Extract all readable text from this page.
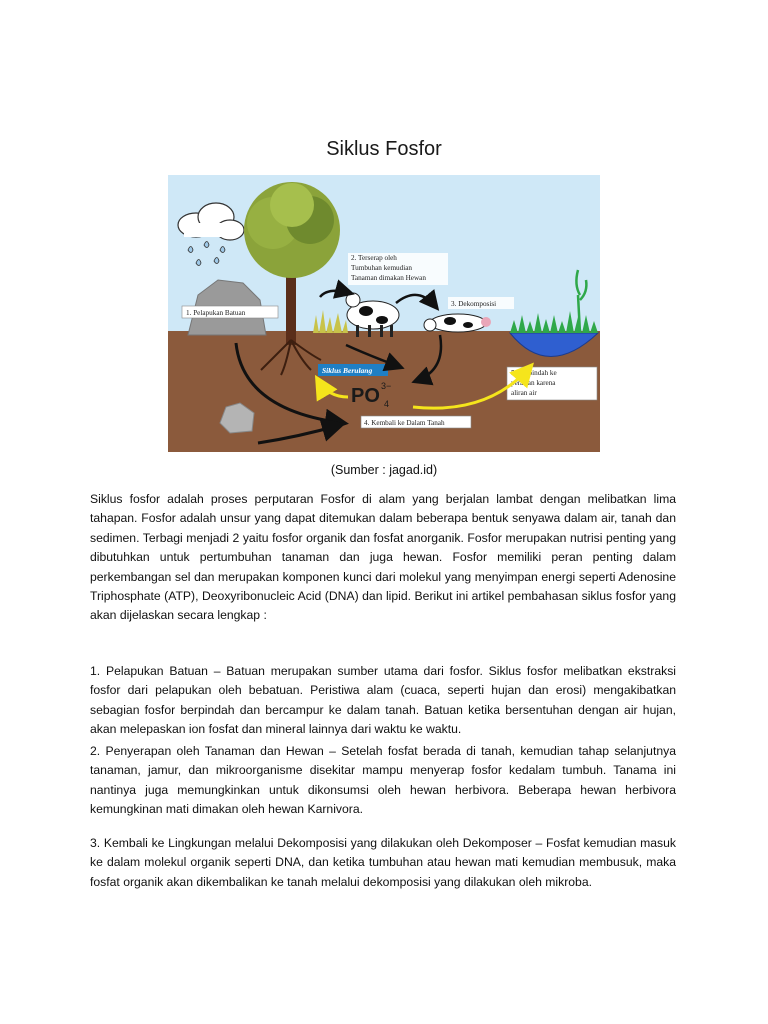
Siklus Fosfor
1. Pelapukan Batuan
2. Terserap oleh Tumbuhan kemudian Tanaman dimakan Hewan
3. Dekomposisi
5. Berpindah ke perairan karena aliran air
4. Kembali ke Dalam Tanah
Siklus Berulang
PO 3−
4
(Sumber : jagad.id)

Siklus fosfor adalah proses perputaran Fosfor di alam yang berjalan lambat dengan melibatkan lima tahapan. Fosfor adalah unsur yang dapat ditemukan dalam beberapa bentuk senyawa dalam air, tanah dan sedimen. Terbagi menjadi 2 yaitu fosfor organik dan fosfat anorganik. Fosfor merupakan nutrisi penting yang dibutuhkan untuk pertumbuhan tanaman dan juga hewan. Fosfor memiliki peran penting dalam perkembangan sel dan merupakan komponen kunci dari molekul yang menyimpan energi seperti Adenosine Triphosphate (ATP), Deoxyribonucleic Acid (DNA) dan lipid. Berikut ini artikel pembahasan siklus fosfor yang akan dijelaskan secara lengkap :

1. Pelapukan Batuan – Batuan merupakan sumber utama dari fosfor. Siklus fosfor melibatkan ekstraksi fosfor dari pelapukan oleh bebatuan. Peristiwa alam (cuaca, seperti hujan dan erosi) mengakibatkan sebagian fosfor berpindah dan bercampur ke dalam tanah. Batuan ketika bersentuhan dengan air hujan, akan melepaskan ion fosfat dan mineral lainnya dari waktu ke waktu.

2. Penyerapan oleh Tanaman dan Hewan – Setelah fosfat berada di tanah, kemudian tahap selanjutnya tanaman, jamur, dan mikroorganisme disekitar mampu menyerap fosfor kedalam tumbuh. Tanama ini nantinya juga memungkinkan untuk dikonsumsi oleh hewan herbivora. Beberapa hewan herbivora kemungkinan mati dimakan oleh hewan Karnivora.

3. Kembali ke Lingkungan melalui Dekomposisi yang dilakukan oleh Dekomposer – Fosfat kemudian masuk ke dalam molekul organik seperti DNA, dan ketika tumbuhan atau hewan mati kemudian membusuk, maka fosfat organik akan dikembalikan ke tanah melalui dekomposisi yang dilakukan oleh mikroba.
